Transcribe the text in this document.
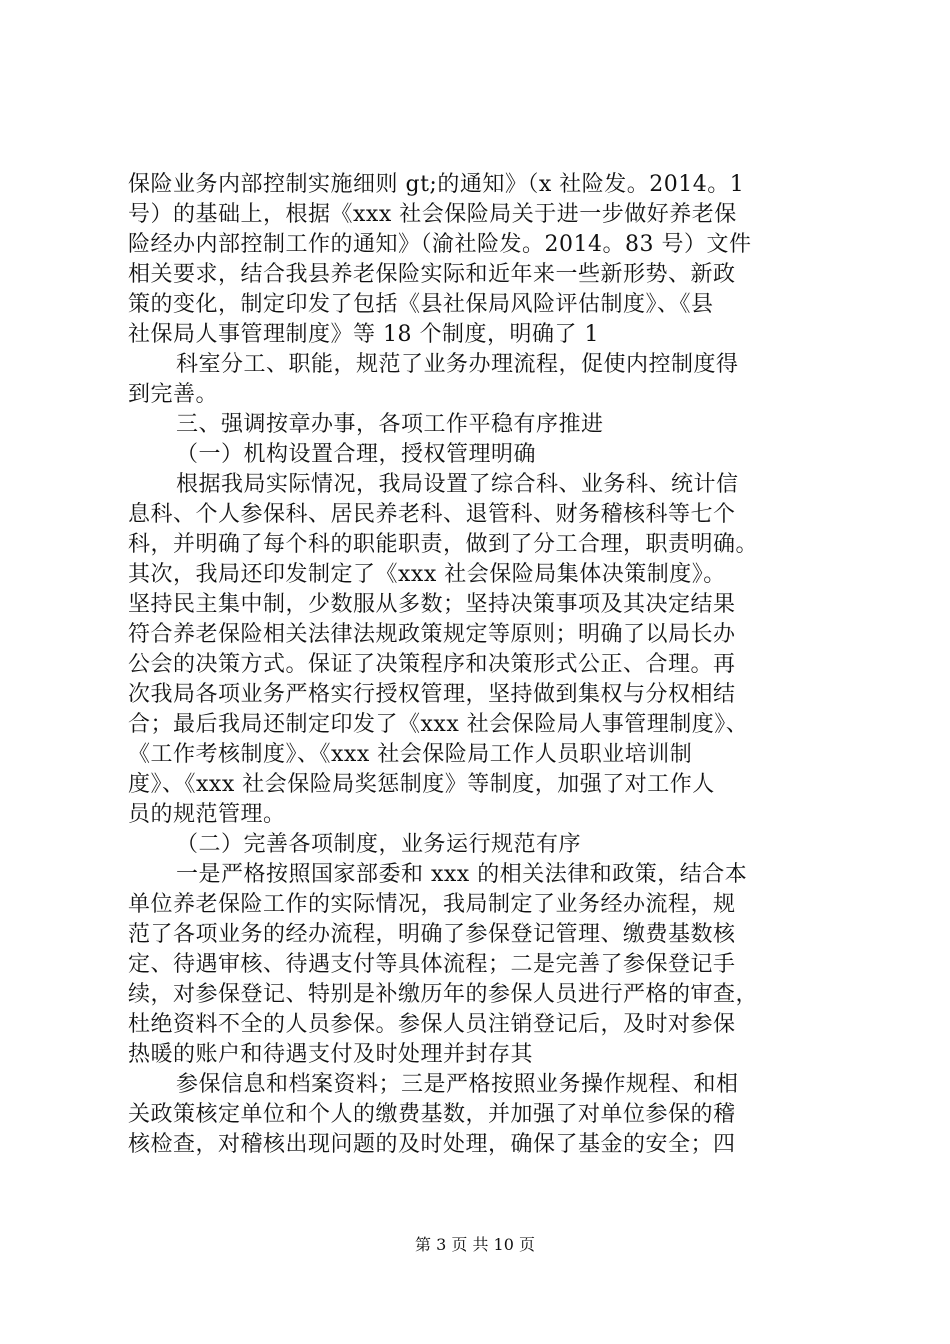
保险业务内部控制实施细则 gt;的通知》（x 社险发。2014。1
号）的基础上，根据《xxx 社会保险局关于进一步做好养老保
险经办内部控制工作的通知》（渝社险发。2014。83 号）文件
相关要求，结合我县养老保险实际和近年来一些新形势、新政
策的变化，制定印发了包括《县社保局风险评估制度》、《县
社保局人事管理制度》等 18 个制度，明确了 1
科室分工、职能，规范了业务办理流程，促使内控制度得
到完善。
三、强调按章办事，各项工作平稳有序推进
（一）机构设置合理，授权管理明确
根据我局实际情况，我局设置了综合科、业务科、统计信
息科、个人参保科、居民养老科、退管科、财务稽核科等七个
科，并明确了每个科的职能职责，做到了分工合理，职责明确。
其次，我局还印发制定了《xxx 社会保险局集体决策制度》。
坚持民主集中制，少数服从多数；坚持决策事项及其决定结果
符合养老保险相关法律法规政策规定等原则；明确了以局长办
公会的决策方式。保证了决策程序和决策形式公正、合理。再
次我局各项业务严格实行授权管理，坚持做到集权与分权相结
合；最后我局还制定印发了《xxx 社会保险局人事管理制度》、
《工作考核制度》、《xxx 社会保险局工作人员职业培训制
度》、《xxx 社会保险局奖惩制度》等制度，加强了对工作人
员的规范管理。
（二）完善各项制度，业务运行规范有序
一是严格按照国家部委和 xxx 的相关法律和政策，结合本
单位养老保险工作的实际情况，我局制定了业务经办流程，规
范了各项业务的经办流程，明确了参保登记管理、缴费基数核
定、待遇审核、待遇支付等具体流程；二是完善了参保登记手
续，对参保登记、特别是补缴历年的参保人员进行严格的审查，
杜绝资料不全的人员参保。参保人员注销登记后，及时对参保
热暖的账户和待遇支付及时处理并封存其
参保信息和档案资料；三是严格按照业务操作规程、和相
关政策核定单位和个人的缴费基数，并加强了对单位参保的稽
核检查，对稽核出现问题的及时处理，确保了基金的安全；四
第 3 页 共 10 页
